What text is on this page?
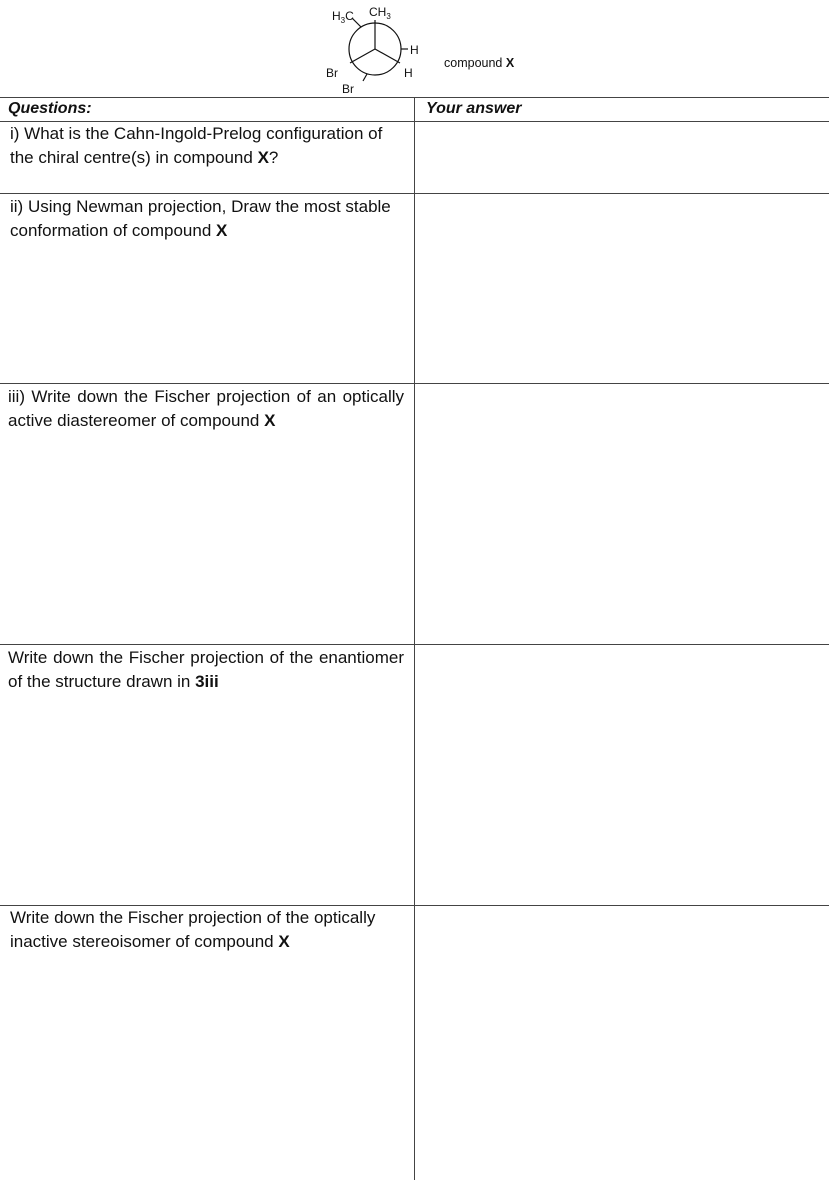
$CH_3$
$H_3C$
H
H
Br
Br
compound X
Questions:	Your answer
i) What is the Cahn-Ingold-Prelog configuration of the chiral centre(s) in compound X?
ii) Using Newman projection, Draw the most stable conformation of compound X
iii) Write down the Fischer projection of an optically active diastereomer of compound X
Write down the Fischer projection of the enantiomer of the structure drawn in 3iii
Write down the Fischer projection of the optically inactive stereoisomer of compound X
